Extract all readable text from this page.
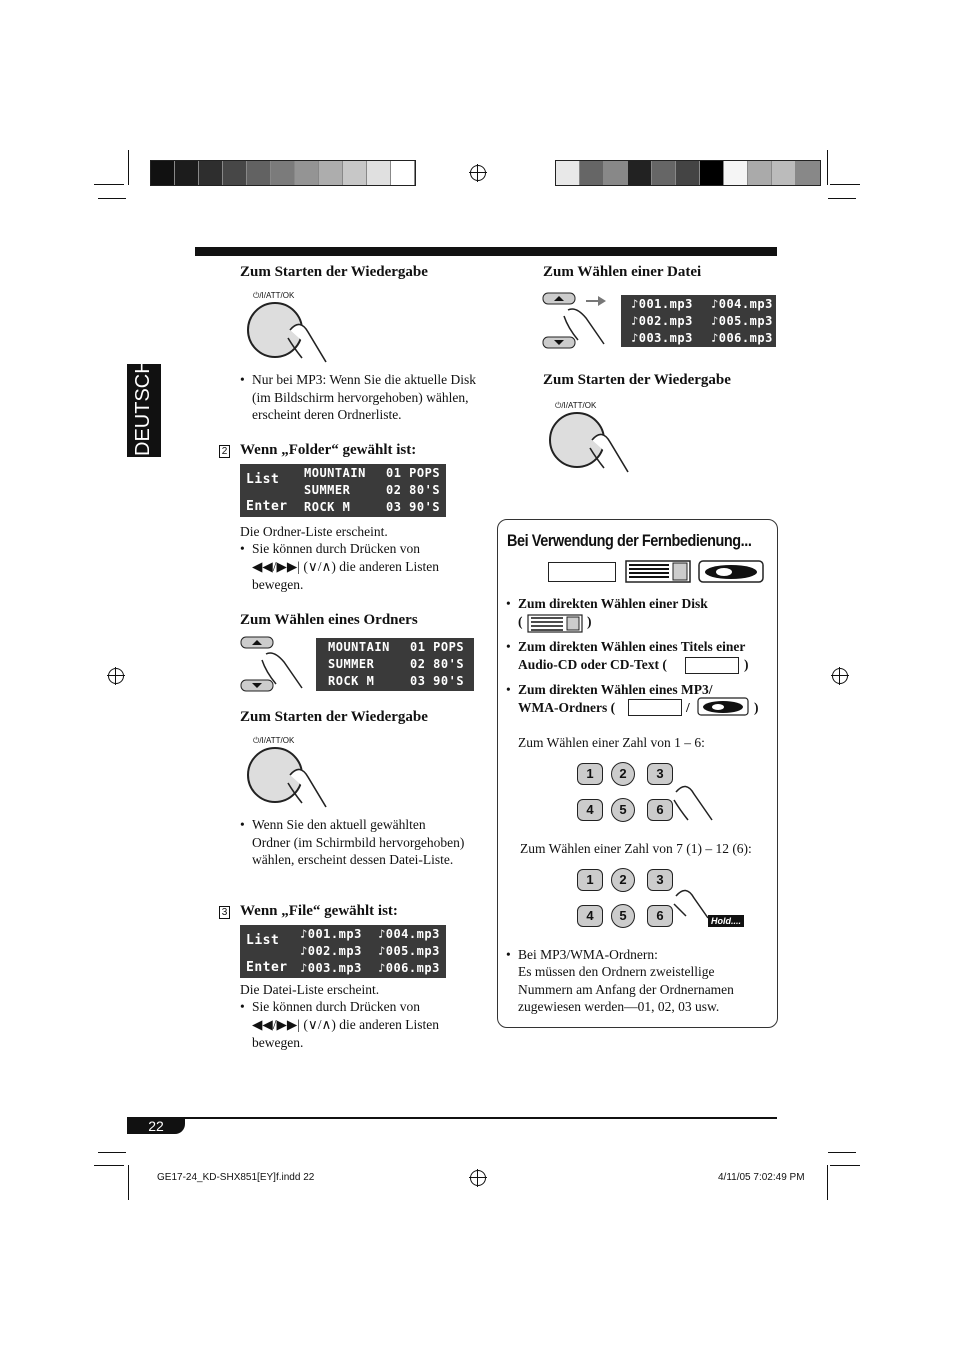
DEUTSCH
Zum Starten der Wiedergabe
⏻/I/ATT/OK
• Nur bei MP3: Wenn Sie die aktuelle Disk (im Bildschirm hervorgehoben) wählen, erscheint deren Ordnerliste.
2 Wenn „Folder“ gewählt ist:
List
Enter
MOUNTAIN 01 POPS
SUMMER	02 80'S
ROCK M	03 90'S
Die Ordner-Liste erscheint.
• Sie können durch Drücken von
◀◀/▶▶| (∨/∧) die anderen Listen
bewegen.
Zum Wählen eines Ordners
MOUNTAIN 01 POPS
SUMMER	02 80'S
ROCK M	03 90'S
Zum Starten der Wiedergabe
⏻/I/ATT/OK
• Wenn Sie den aktuell gewählten Ordner (im Schirmbild hervorgehoben) wählen, erscheint dessen Datei-Liste.
3 Wenn „File“ gewählt ist:
List
Enter
♪001.mp3 ♪004.mp3
♪002.mp3 ♪005.mp3
♪003.mp3 ♪006.mp3
Die Datei-Liste erscheint.
• Sie können durch Drücken von
◀◀/▶▶| (∨/∧) die anderen Listen
bewegen.
Zum Wählen einer Datei
♪001.mp3 ♪004.mp3
♪002.mp3 ♪005.mp3
♪003.mp3 ♪006.mp3
Zum Starten der Wiedergabe
⏻/I/ATT/OK
Bei Verwendung der Fernbedienung...
• Zum direkten Wählen einer Disk
(	)
• Zum direkten Wählen eines Titels einer
Audio-CD oder CD-Text (	)
• Zum direkten Wählen eines MP3/
WMA-Ordners (	/	)
Zum Wählen einer Zahl von 1 – 6:
1	2	3
4	5	6
Zum Wählen einer Zahl von 7 (1) – 12 (6):
1	2	3
4	5	6	Hold....
• Bei MP3/WMA-Ordnern:
Es müssen den Ordnern zweistellige Nummern am Anfang der Ordnernamen zugewiesen werden—01, 02, 03 usw.
22
GE17-24_KD-SHX851[EY]f.indd 22	4/11/05 7:02:49 PM
